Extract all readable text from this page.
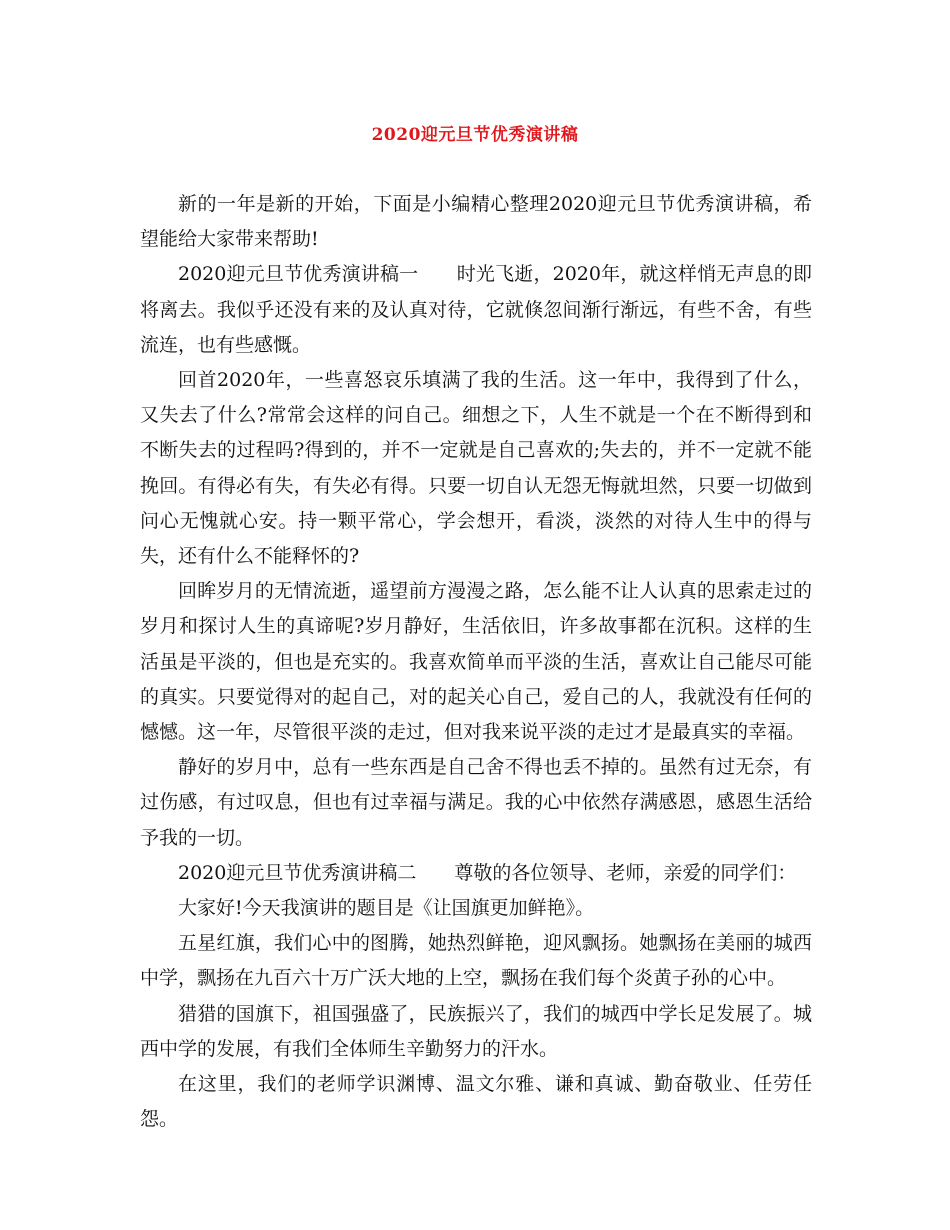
2020迎元旦节优秀演讲稿

新的一年是新的开始，下面是小编精心整理2020迎元旦节优秀演讲稿，希望能给大家带来帮助!

2020迎元旦节优秀演讲稿一　　时光飞逝，2020年，就这样悄无声息的即将离去。我似乎还没有来的及认真对待，它就倏忽间渐行渐远，有些不舍，有些流连，也有些感慨。

回首2020年，一些喜怒哀乐填满了我的生活。这一年中，我得到了什么，又失去了什么?常常会这样的问自己。细想之下，人生不就是一个在不断得到和不断失去的过程吗?得到的，并不一定就是自己喜欢的;失去的，并不一定就不能挽回。有得必有失，有失必有得。只要一切自认无怨无悔就坦然，只要一切做到问心无愧就心安。持一颗平常心，学会想开，看淡，淡然的对待人生中的得与失，还有什么不能释怀的?

回眸岁月的无情流逝，遥望前方漫漫之路，怎么能不让人认真的思索走过的岁月和探讨人生的真谛呢?岁月静好，生活依旧，许多故事都在沉积。这样的生活虽是平淡的，但也是充实的。我喜欢简单而平淡的生活，喜欢让自己能尽可能的真实。只要觉得对的起自己，对的起关心自己，爱自己的人，我就没有任何的憾憾。这一年，尽管很平淡的走过，但对我来说平淡的走过才是最真实的幸福。

静好的岁月中，总有一些东西是自己舍不得也丢不掉的。虽然有过无奈，有过伤感，有过叹息，但也有过幸福与满足。我的心中依然存满感恩，感恩生活给予我的一切。

2020迎元旦节优秀演讲稿二　　尊敬的各位领导、老师，亲爱的同学们：

大家好!今天我演讲的题目是《让国旗更加鲜艳》。

五星红旗，我们心中的图腾，她热烈鲜艳，迎风飘扬。她飘扬在美丽的城西中学，飘扬在九百六十万广沃大地的上空，飘扬在我们每个炎黄子孙的心中。

猎猎的国旗下，祖国强盛了，民族振兴了，我们的城西中学长足发展了。城西中学的发展，有我们全体师生辛勤努力的汗水。

在这里，我们的老师学识渊博、温文尔雅、谦和真诚、勤奋敬业、任劳任怨。
